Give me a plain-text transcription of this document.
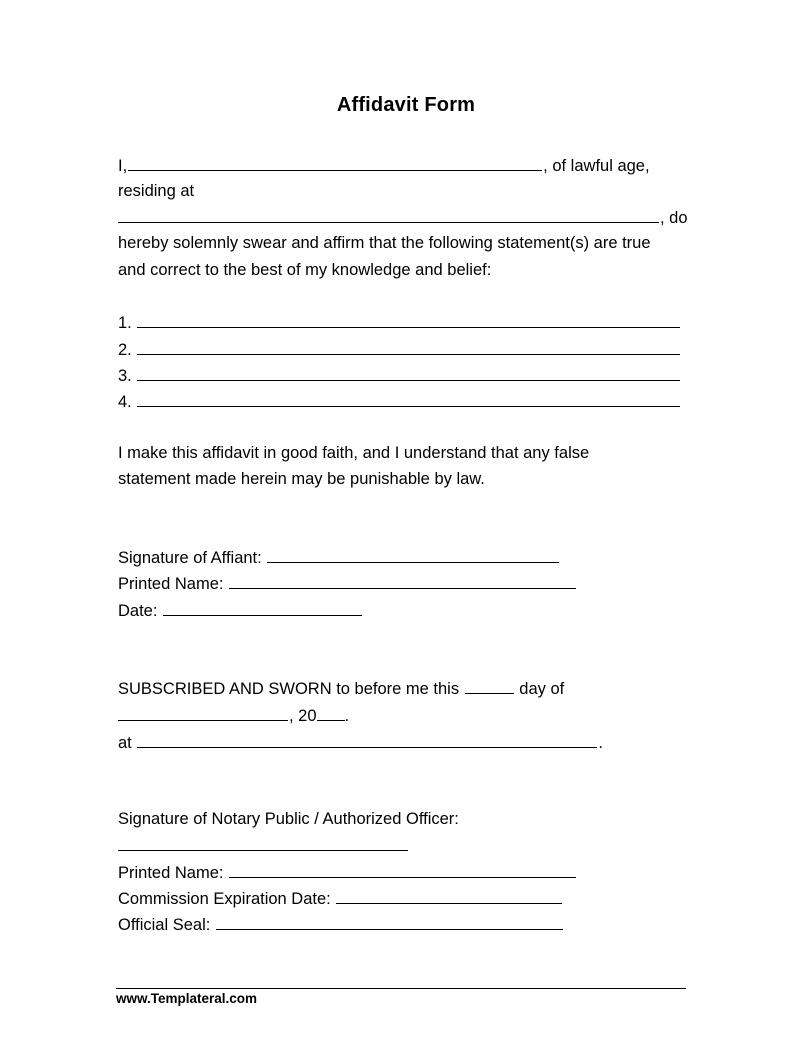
Affidavit Form
I,	, of lawful age,
residing at
, do
hereby solemnly swear and affirm that the following statement(s) are true
and correct to the best of my knowledge and belief:
1.
2.
3.
4.
I make this affidavit in good faith, and I understand that any false
statement made herein may be punishable by law.
Signature of Affiant:
Printed Name:
Date:
SUBSCRIBED AND SWORN to before me this	day of
, 20 .
at	.
Signature of Notary Public / Authorized Officer:
Printed Name:
Commission Expiration Date:
Official Seal:
www.Templateral.com
